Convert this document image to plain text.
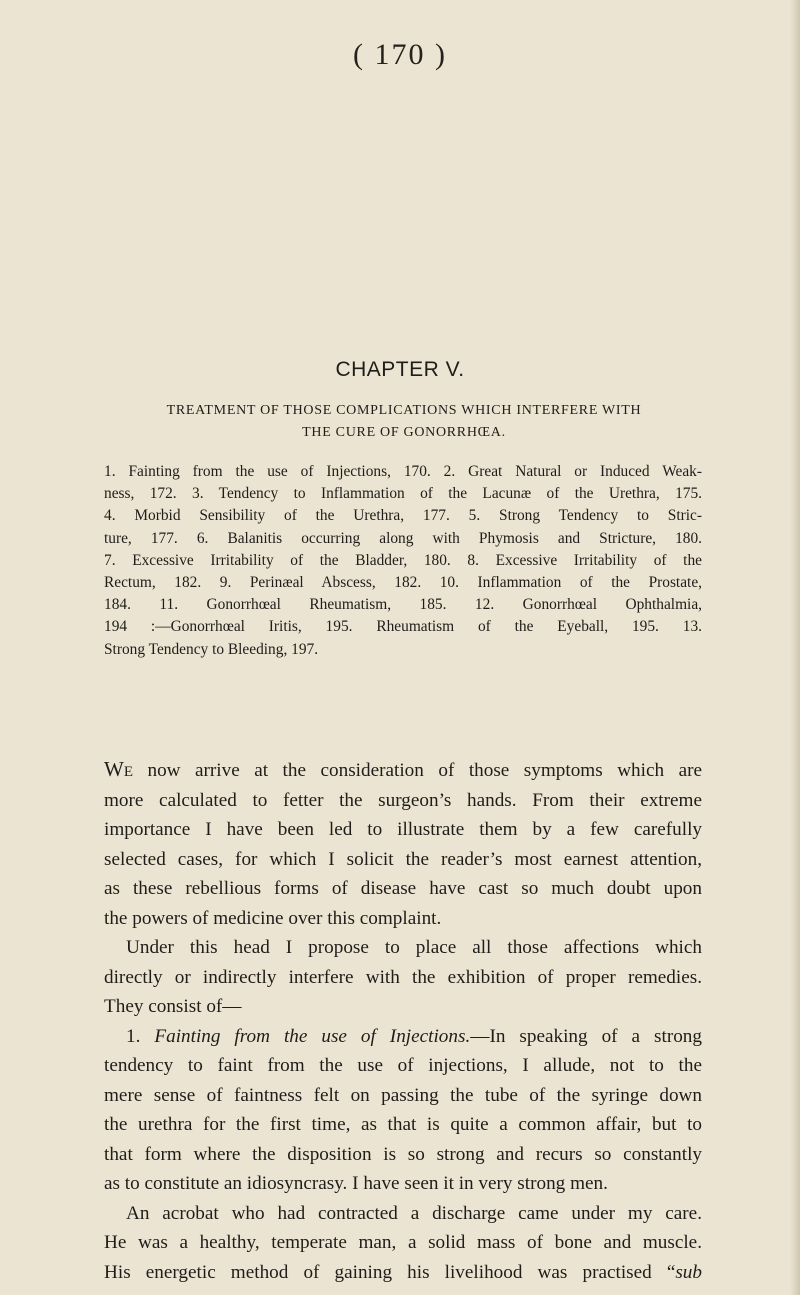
( 170 )
CHAPTER V.
TREATMENT OF THOSE COMPLICATIONS WHICH INTERFERE WITH
THE CURE OF GONORRHŒA.
1. Fainting from the use of Injections, 170. 2. Great Natural or Induced Weak-
ness, 172. 3. Tendency to Inflammation of the Lacunæ of the Urethra, 175.
4. Morbid Sensibility of the Urethra, 177. 5. Strong Tendency to Stric-
ture, 177. 6. Balanitis occurring along with Phymosis and Stricture, 180.
7. Excessive Irritability of the Bladder, 180. 8. Excessive Irritability of the
Rectum, 182. 9. Perinæal Abscess, 182. 10. Inflammation of the Prostate,
184. 11. Gonorrhœal Rheumatism, 185. 12. Gonorrhœal Ophthalmia,
194 :—Gonorrhœal Iritis, 195. Rheumatism of the Eyeball, 195. 13.
Strong Tendency to Bleeding, 197.
We now arrive at the consideration of those symptoms which are
more calculated to fetter the surgeon’s hands. From their extreme
importance I have been led to illustrate them by a few carefully
selected cases, for which I solicit the reader’s most earnest attention,
as these rebellious forms of disease have cast so much doubt upon
the powers of medicine over this complaint.
Under this head I propose to place all those affections which
directly or indirectly interfere with the exhibition of proper remedies.
They consist of—
1. Fainting from the use of Injections.—In speaking of a strong
tendency to faint from the use of injections, I allude, not to the
mere sense of faintness felt on passing the tube of the syringe down
the urethra for the first time, as that is quite a common affair, but to
that form where the disposition is so strong and recurs so constantly
as to constitute an idiosyncrasy. I have seen it in very strong men.
An acrobat who had contracted a discharge came under my care.
He was a healthy, temperate man, a solid mass of bone and muscle.
His energetic method of gaining his livelihood was practised “sub
